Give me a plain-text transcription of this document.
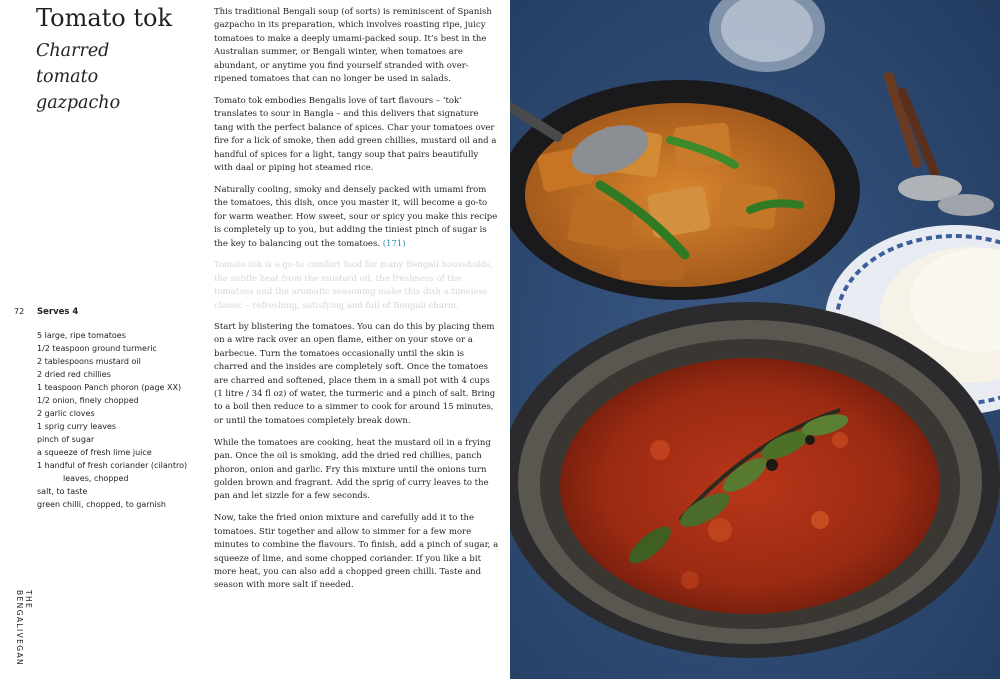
Tomato tok
Charred tomato gazpacho
72
THE BENGALIVEGAN
Serves 4
5 large, ripe tomatoes
1/2 teaspoon ground turmeric
2 tablespoons mustard oil
2 dried red chillies
1 teaspoon Panch phoron (page XX)
1/2 onion, finely chopped
2 garlic cloves
1 sprig curry leaves
pinch of sugar
a squeeze of fresh lime juice
1 handful of fresh coriander (cilantro)
leaves, chopped
salt, to taste
green chilli, chopped, to garnish

This traditional Bengali soup (of sorts) is reminiscent of Spanish gazpacho in its preparation, which involves roasting ripe, juicy tomatoes to make a deeply umami-packed soup. It’s best in the Australian summer, or Bengali winter, when tomatoes are abundant, or anytime you find yourself stranded with over-ripened tomatoes that can no longer be used in salads.

Tomato tok embodies Bengalis love of tart flavours – ‘tok’ translates to sour in Bangla – and this delivers that signature tang with the perfect balance of spices. Char your tomatoes over fire for a lick of smoke, then add green chillies, mustard oil and a handful of spices for a light, tangy soup that pairs beautifully with daal or piping hot steamed rice.

Naturally cooling, smoky and densely packed with umami from the tomatoes, this dish, once you master it, will become a go-to for warm weather. How sweet, sour or spicy you make this recipe is completely up to you, but adding the tiniest pinch of sugar is the key to balancing out the tomatoes. (171)

Tomato tok is a go-to comfort food for many Bengali households, the subtle heat from the mustard oil, the freshness of the tomatoes and the aromatic seasoning make this dish a timeless classic – refreshing, satisfying and full of Bengali charm.

Start by blistering the tomatoes. You can do this by placing them on a wire rack over an open flame, either on your stove or a barbecue. Turn the tomatoes occasionally until the skin is charred and the insides are completely soft. Once the tomatoes are charred and softened, place them in a small pot with 4 cups (1 litre / 34 fl oz) of water, the turmeric and a pinch of salt. Bring to a boil then reduce to a simmer to cook for around 15 minutes, or until the tomatoes completely break down.

While the tomatoes are cooking, heat the mustard oil in a frying pan. Once the oil is smoking, add the dried red chillies, panch phoron, onion and garlic. Fry this mixture until the onions turn golden brown and fragrant. Add the sprig of curry leaves to the pan and let sizzle for a few seconds.

Now, take the fried onion mixture and carefully add it to the tomatoes. Stir together and allow to simmer for a few more minutes to combine the flavours. To finish, add a pinch of sugar, a squeeze of lime, and some chopped coriander. If you like a bit more heat, you can also add a chopped green chilli. Taste and season with more salt if needed.
